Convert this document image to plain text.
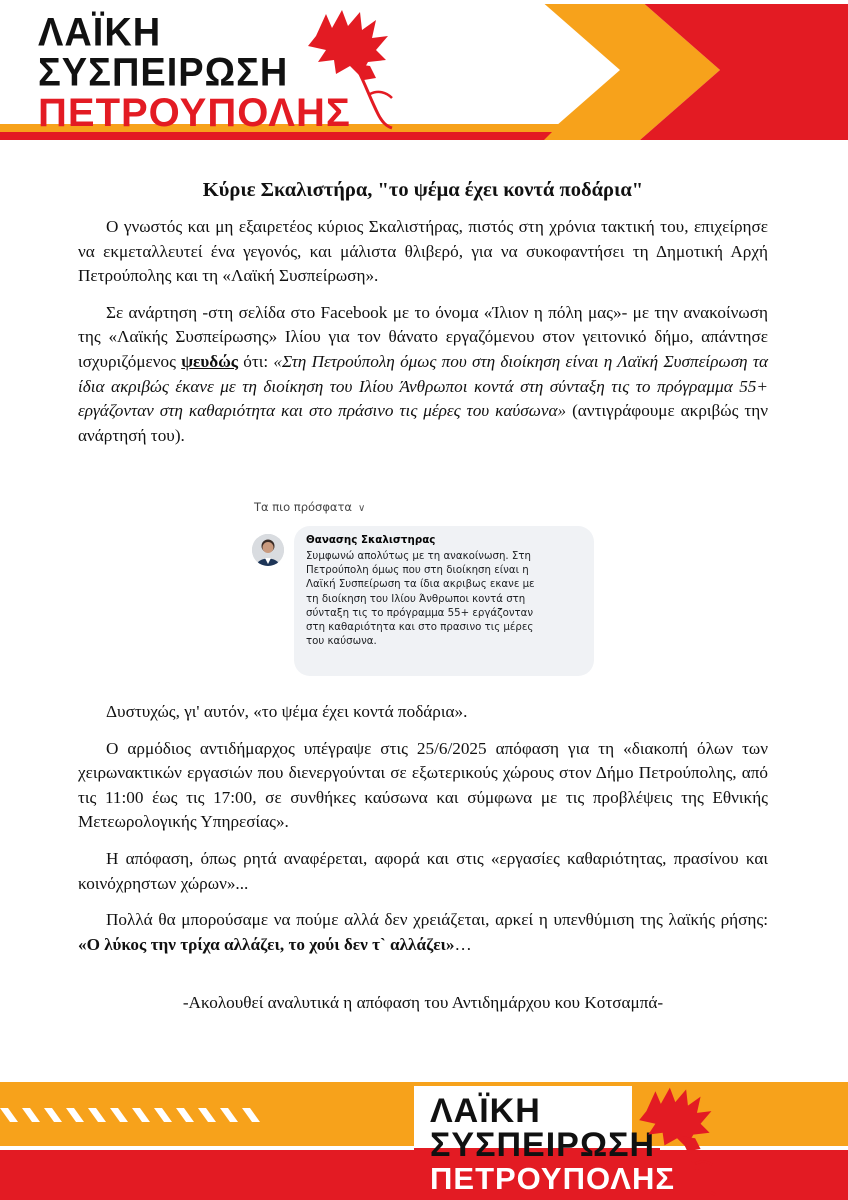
ΛΑΪΚΗ
ΣΥΣΠΕΙΡΩΣΗ
ΠΕΤΡΟΥΠΟΛΗΣ
Κύριε Σκαλιστήρα, "το ψέμα έχει κοντά ποδάρια"
Ο γνωστός και μη εξαιρετέος κύριος Σκαλιστήρας, πιστός στη χρόνια τακτική του, επιχείρησε να εκμεταλλευτεί ένα γεγονός, και μάλιστα θλιβερό, για να συκοφαντήσει τη Δημοτική Αρχή Πετρούπολης και τη «Λαϊκή Συσπείρωση».
Σε ανάρτηση -στη σελίδα στο Facebook με το όνομα «Ίλιον η πόλη μας»- με την ανακοίνωση της «Λαϊκής Συσπείρωσης» Ιλίου για τον θάνατο εργαζόμενου στον γειτονικό δήμο, απάντησε ισχυριζόμενος ψευδώς ότι: «Στη Πετρούπολη όμως που στη διοίκηση είναι η Λαϊκή Συσπείρωση τα ίδια ακριβώς έκανε με τη διοίκηση του Ιλίου Άνθρωποι κοντά στη σύνταξη τις το πρόγραμμα 55+ εργάζονταν στη καθαριότητα και στο πράσινο τις μέρες του καύσωνα» (αντιγράφουμε ακριβώς την ανάρτησή του).
Τα πιο πρόσφατα ∨
Θανασης Σκαλιστηρας
Συμφωνώ απολύτως με τη ανακοίνωση. Στη
Πετρούπολη όμως που στη διοίκηση είναι η
Λαϊκή Συσπείρωση τα ίδια ακριβως εκανε με
τη διοίκηση του Ιλίου Άνθρωποι κοντά στη
σύνταξη τις το πρόγραμμα 55+ εργάζονταν
στη καθαριότητα και στο πρασινο τις μέρες
του καύσωνα.
Δυστυχώς, γι' αυτόν, «το ψέμα έχει κοντά ποδάρια».
Ο αρμόδιος αντιδήμαρχος υπέγραψε στις 25/6/2025 απόφαση για τη «διακοπή όλων των χειρωνακτικών εργασιών που διενεργούνται σε εξωτερικούς χώρους στον Δήμο Πετρούπολης, από τις 11:00 έως τις 17:00, σε συνθήκες καύσωνα και σύμφωνα με τις προβλέψεις της Εθνικής Μετεωρολογικής Υπηρεσίας».
Η απόφαση, όπως ρητά αναφέρεται, αφορά και στις «εργασίες καθαριότητας, πρασίνου και κοινόχρηστων χώρων»...
Πολλά θα μπορούσαμε να πούμε αλλά δεν χρειάζεται, αρκεί η υπενθύμιση της λαϊκής ρήσης: «Ο λύκος την τρίχα αλλάζει, το χούι δεν τ` αλλάζει»…
-Ακολουθεί αναλυτικά η απόφαση του Αντιδημάρχου κου Κοτσαμπά-
ΛΑΪΚΗ
ΣΥΣΠΕΙΡΩΣΗ
ΠΕΤΡΟΥΠΟΛΗΣ
